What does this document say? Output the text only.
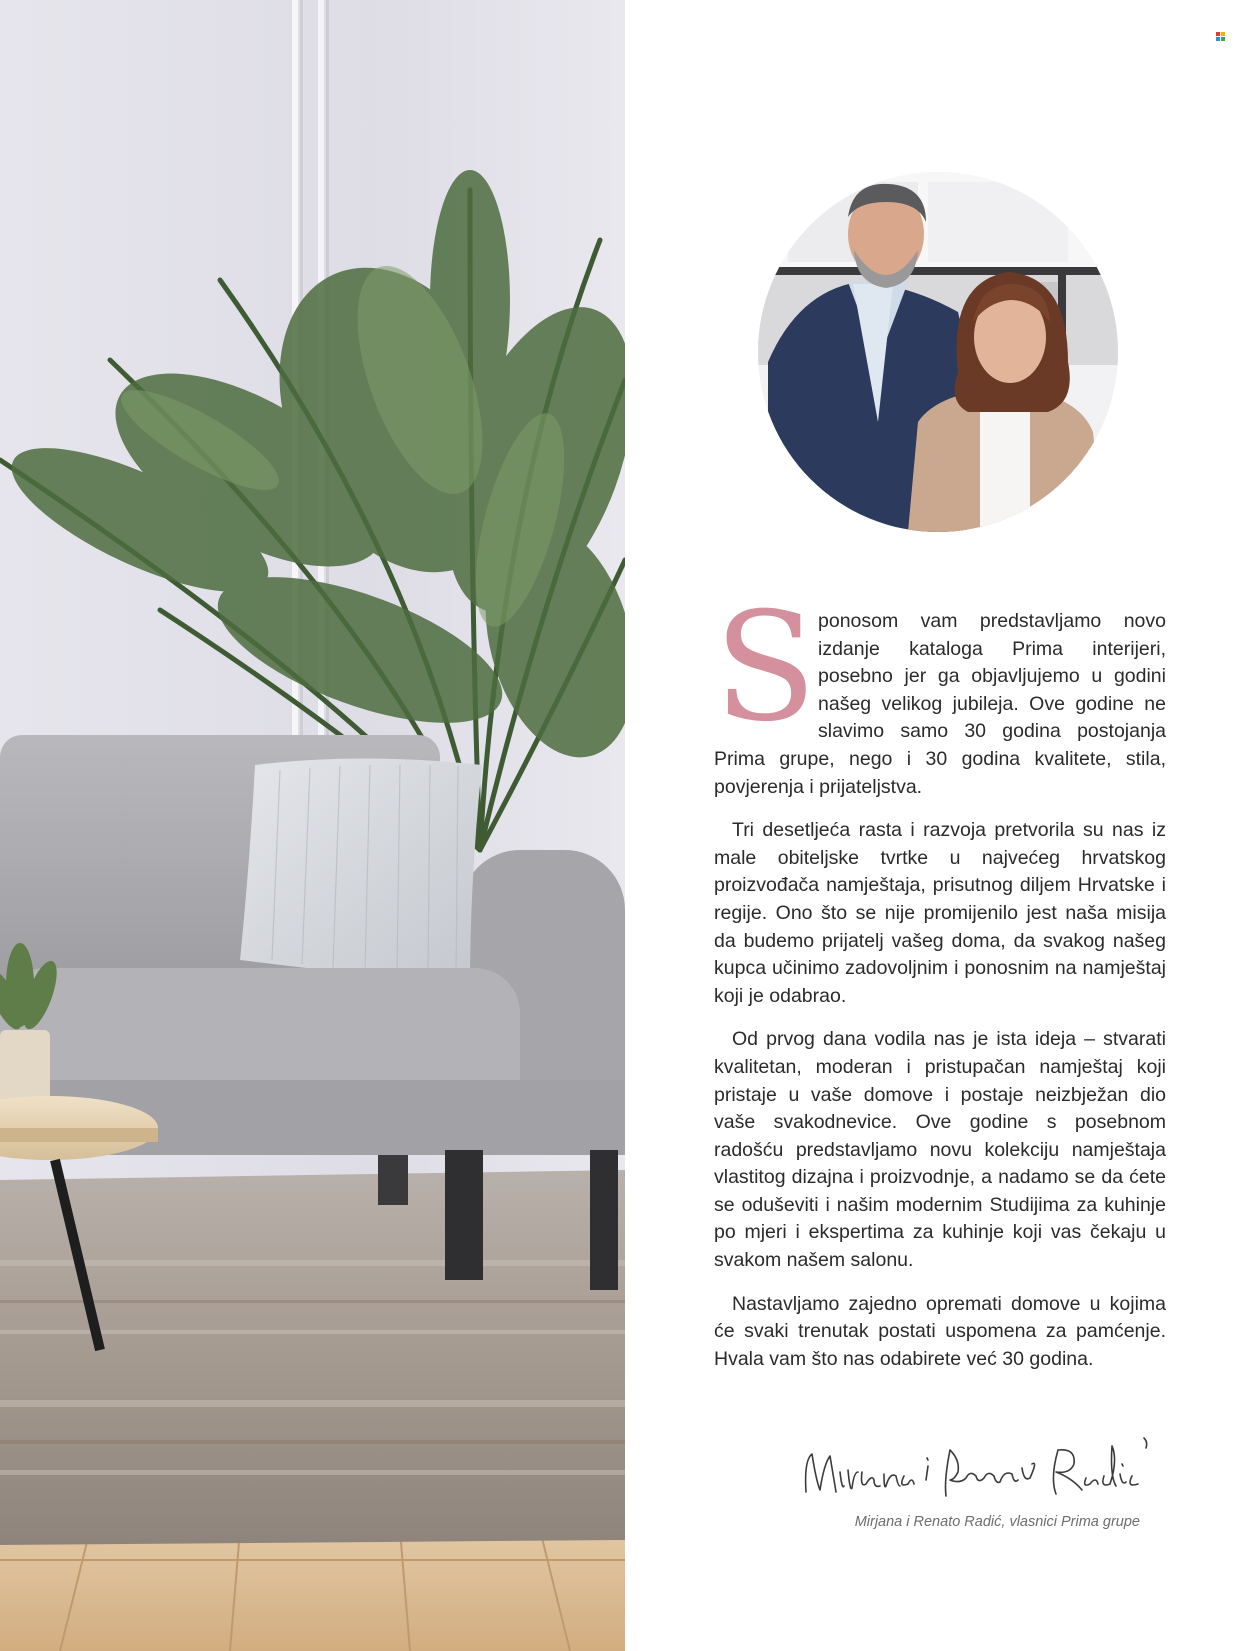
S ponosom vam predstavljamo novo izdanje kataloga Prima interijeri, posebno jer ga objavljujemo u godini našeg velikog jubileja. Ove godine ne slavimo samo 30 godina postojanja Prima grupe, nego i 30 godina kvalitete, stila, povjerenja i prijateljstva.

Tri desetljeća rasta i razvoja pretvorila su nas iz male obiteljske tvrtke u najvećeg hrvatskog proizvođača namještaja, prisutnog diljem Hrvatske i regije. Ono što se nije promijenilo jest naša misija da budemo prijatelj vašeg doma, da svakog našeg kupca učinimo zadovoljnim i ponosnim na namještaj koji je odabrao.

Od prvog dana vodila nas je ista ideja – stvarati kvalitetan, moderan i pristupačan namještaj koji pristaje u vaše domove i postaje neizbježan dio vaše svakodnevice. Ove godine s posebnom radošću predstavljamo novu kolekciju namještaja vlastitog dizajna i proizvodnje, a nadamo se da ćete se oduševiti i našim modernim Studijima za kuhinje po mjeri i ekspertima za kuhinje koji vas čekaju u svakom našem salonu.

Nastavljamo zajedno opremati domove u kojima će svaki trenutak postati uspomena za pamćenje. Hvala vam što nas odabirete već 30 godina.

Mirjana i Renato Radić, vlasnici Prima grupe
